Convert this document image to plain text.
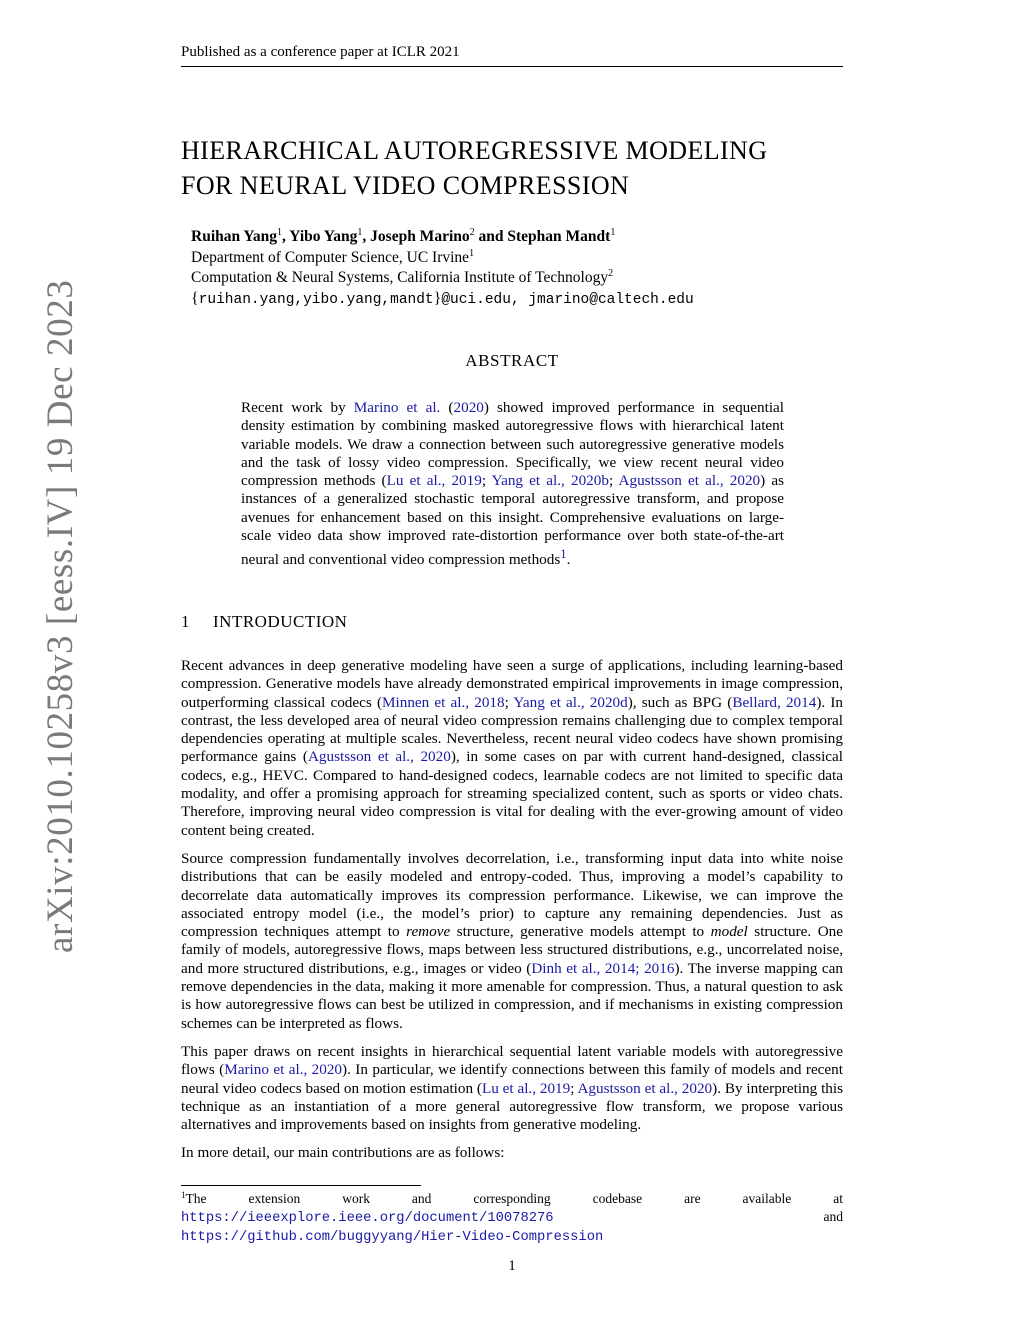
Published as a conference paper at ICLR 2021
HIERARCHICAL AUTOREGRESSIVE MODELING
FOR NEURAL VIDEO COMPRESSION
Ruihan Yang$^1$, Yibo Yang$^1$, Joseph Marino$^2$ and Stephan Mandt$^1$
Department of Computer Science, UC Irvine$^1$
Computation & Neural Systems, California Institute of Technology$^2$
{ruihan.yang,yibo.yang,mandt}@uci.edu, jmarino@caltech.edu
ABSTRACT
Recent work by Marino et al. (2020) showed improved performance in sequential density estimation by combining masked autoregressive flows with hierarchical latent variable models. We draw a connection between such autoregressive generative models and the task of lossy video compression. Specifically, we view recent neural video compression methods (Lu et al., 2019; Yang et al., 2020b; Agustsson et al., 2020) as instances of a generalized stochastic temporal autoregressive transform, and propose avenues for enhancement based on this insight. Comprehensive evaluations on large-scale video data show improved rate-distortion performance over both state-of-the-art neural and conventional video compression methods$^1$.
1 INTRODUCTION

Recent advances in deep generative modeling have seen a surge of applications, including learning-based compression. Generative models have already demonstrated empirical improvements in image compression, outperforming classical codecs (Minnen et al., 2018; Yang et al., 2020d), such as BPG (Bellard, 2014). In contrast, the less developed area of neural video compression remains challenging due to complex temporal dependencies operating at multiple scales. Nevertheless, recent neural video codecs have shown promising performance gains (Agustsson et al., 2020), in some cases on par with current hand-designed, classical codecs, e.g., HEVC. Compared to hand-designed codecs, learnable codecs are not limited to specific data modality, and offer a promising approach for streaming specialized content, such as sports or video chats. Therefore, improving neural video compression is vital for dealing with the ever-growing amount of video content being created.

Source compression fundamentally involves decorrelation, i.e., transforming input data into white noise distributions that can be easily modeled and entropy-coded. Thus, improving a model’s capability to decorrelate data automatically improves its compression performance. Likewise, we can improve the associated entropy model (i.e., the model’s prior) to capture any remaining dependencies. Just as compression techniques attempt to remove structure, generative models attempt to model structure. One family of models, autoregressive flows, maps between less structured distributions, e.g., uncorrelated noise, and more structured distributions, e.g., images or video (Dinh et al., 2014; 2016). The inverse mapping can remove dependencies in the data, making it more amenable for compression. Thus, a natural question to ask is how autoregressive flows can best be utilized in compression, and if mechanisms in existing compression schemes can be interpreted as flows.

This paper draws on recent insights in hierarchical sequential latent variable models with autoregressive flows (Marino et al., 2020). In particular, we identify connections between this family of models and recent neural video codecs based on motion estimation (Lu et al., 2019; Agustsson et al., 2020). By interpreting this technique as an instantiation of a more general autoregressive flow transform, we propose various alternatives and improvements based on insights from generative modeling.

In more detail, our main contributions are as follows:

$^1$The extension work and corresponding codebase are available at https://ieeexplore.ieee.org/document/10078276 and https://github.com/buggyyang/Hier-Video-Compression
1
arXiv:2010.10258v3 [eess.IV] 19 Dec 2023
